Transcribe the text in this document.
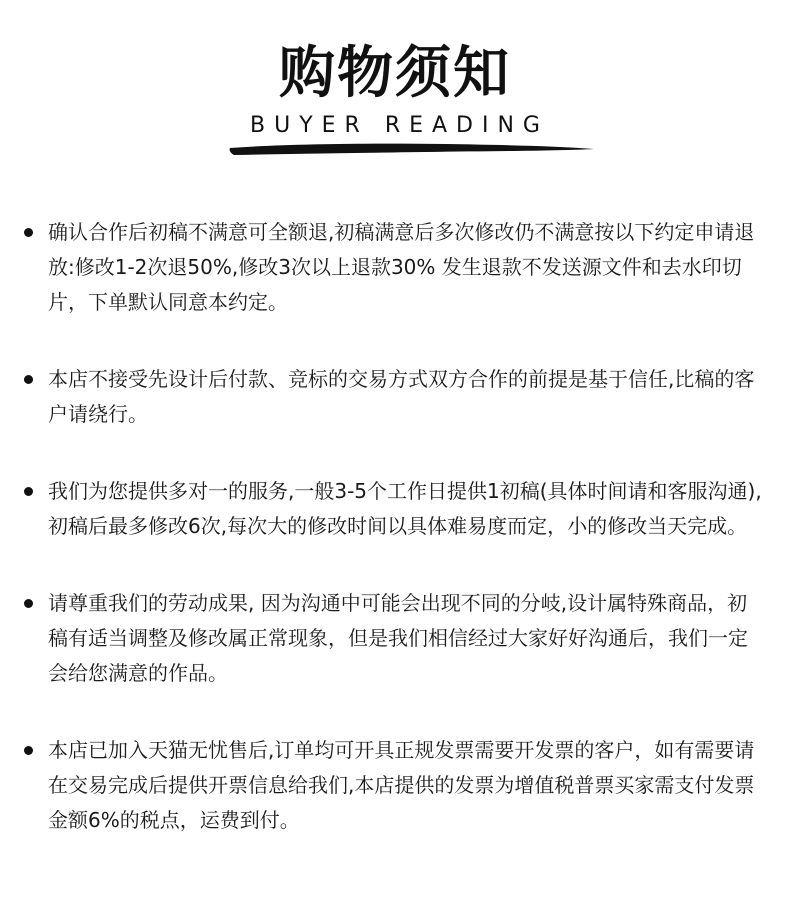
购物须知
BUYER READING
确认合作后初稿不满意可全额退,初稿满意后多次修改仍不满意按以下约定申请退放:修改1-2次退50%,修改3次以上退款30% 发生退款不发送源文件和去水印切片，下单默认同意本约定。
本店不接受先设计后付款、竞标的交易方式双方合作的前提是基于信任,比稿的客户请绕行。
我们为您提供多对一的服务,一般3-5个工作日提供1初稿(具体时间请和客服沟通),初稿后最多修改6次,每次大的修改时间以具体难易度而定，小的修改当天完成。
请尊重我们的劳动成果, 因为沟通中可能会出现不同的分岐,设计属特殊商品，初稿有适当调整及修改属正常现象，但是我们相信经过大家好好沟通后，我们一定会给您满意的作品。
本店已加入天猫无忧售后,订单均可开具正规发票需要开发票的客户，如有需要请在交易完成后提供开票信息给我们,本店提供的发票为增值税普票买家需支付发票金额6%的税点，运费到付。
